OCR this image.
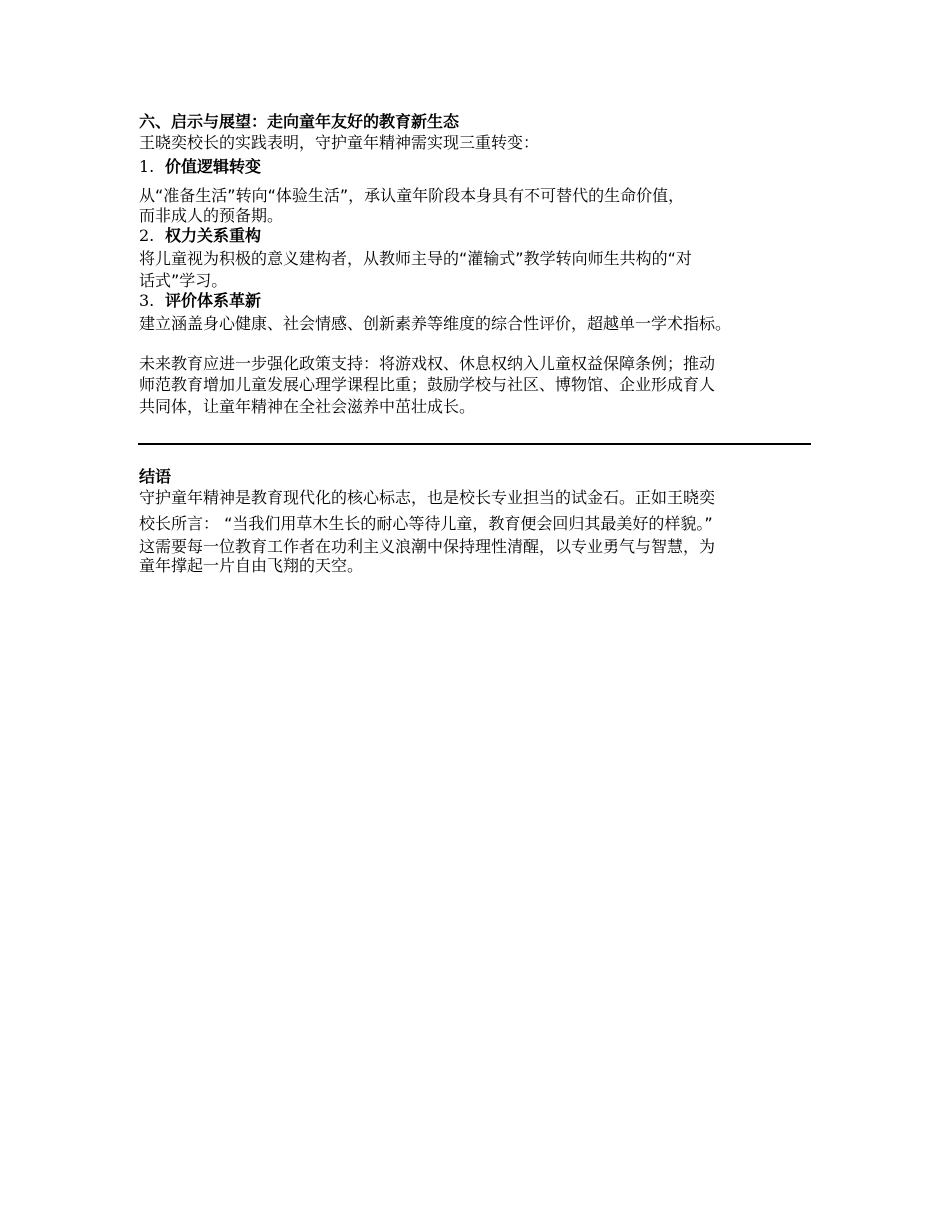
六、启示与展望：走向童年友好的教育新生态
王晓奕校长的实践表明，守护童年精神需实现三重转变：
1. 价值逻辑转变
从“准备生活”转向“体验生活”，承认童年阶段本身具有不可替代的生命价值，
而非成人的预备期。
2. 权力关系重构
将儿童视为积极的意义建构者，从教师主导的“灌输式”教学转向师生共构的“对
话式”学习。
3. 评价体系革新
建立涵盖身心健康、社会情感、创新素养等维度的综合性评价，超越单一学术指标。
未来教育应进一步强化政策支持：将游戏权、休息权纳入儿童权益保障条例；推动
师范教育增加儿童发展心理学课程比重；鼓励学校与社区、博物馆、企业形成育人
共同体，让童年精神在全社会滋养中茁壮成长。
结语
守护童年精神是教育现代化的核心标志，也是校长专业担当的试金石。正如王晓奕
校长所言： “当我们用草木生长的耐心等待儿童，教育便会回归其最美好的样貌。”
这需要每一位教育工作者在功利主义浪潮中保持理性清醒，以专业勇气与智慧，为
童年撑起一片自由飞翔的天空。
